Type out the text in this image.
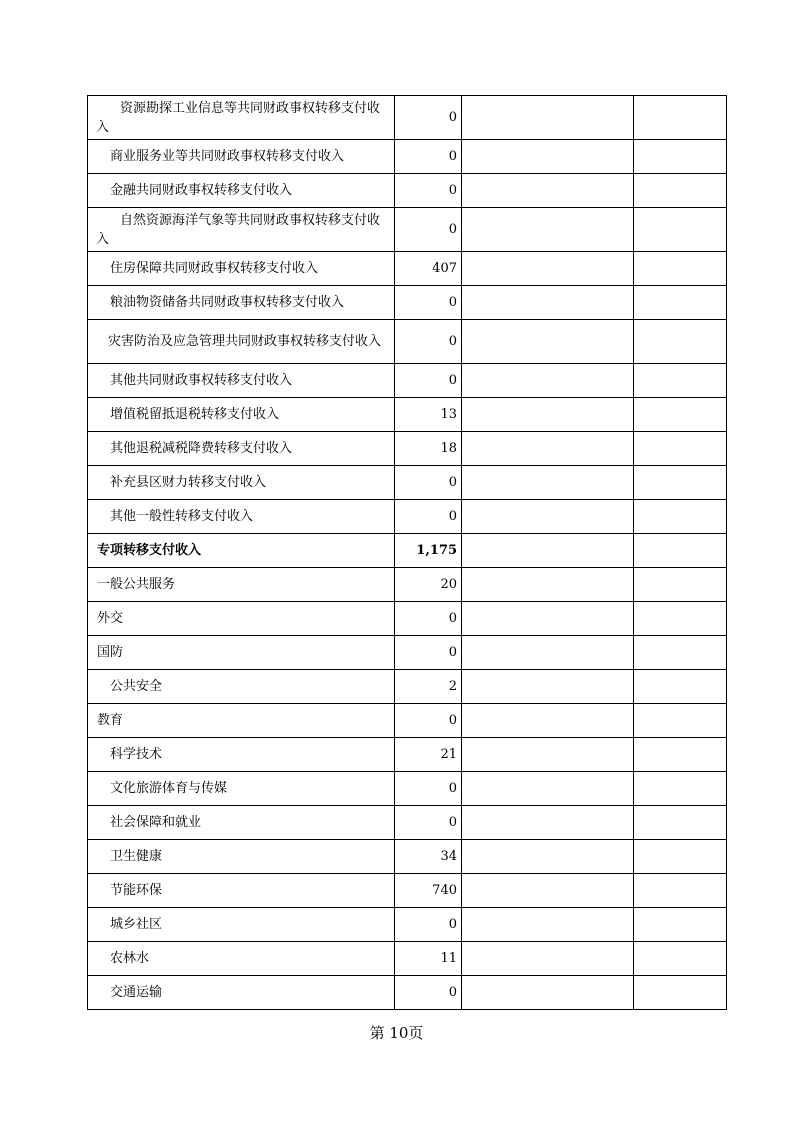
资源勘探工业信息等共同财政事权转移支付收入	0		
商业服务业等共同财政事权转移支付收入	0		
金融共同财政事权转移支付收入	0		
自然资源海洋气象等共同财政事权转移支付收入	0		
住房保障共同财政事权转移支付收入	407		
粮油物资储备共同财政事权转移支付收入	0		
灾害防治及应急管理共同财政事权转移支付收入	0		
其他共同财政事权转移支付收入	0		
增值税留抵退税转移支付收入	13		
其他退税减税降费转移支付收入	18		
补充县区财力转移支付收入	0		
其他一般性转移支付收入	0		
专项转移支付收入	1,175		
一般公共服务	20		
外交	0		
国防	0		
公共安全	2		
教育	0		
科学技术	21		
文化旅游体育与传媒	0		
社会保障和就业	0		
卫生健康	34		
节能环保	740		
城乡社区	0		
农林水	11		
交通运输	0		
第 10页
